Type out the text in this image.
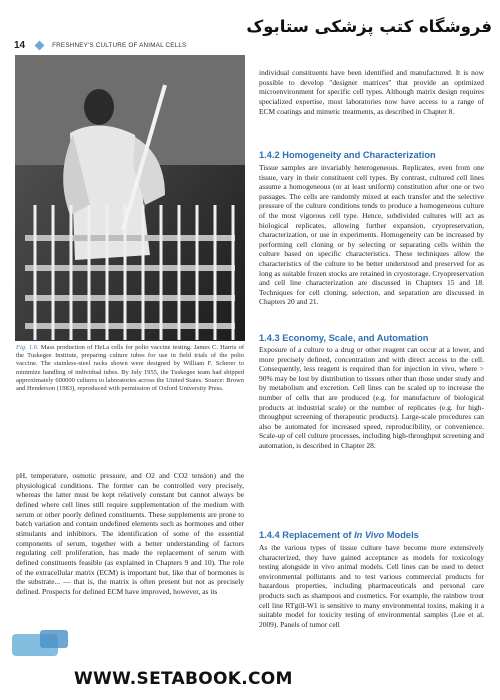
14	FRESHNEY'S CULTURE OF ANIMAL CELLS
فروشگاه کتب پزشکی ستابوک
Fig. 1.6. Mass production of HeLa cells for polio vaccine testing. James C. Harris of the Tuskegee Institute, preparing culture tubes for use in field trials of the polio vaccine. The stainless-steel racks shown were designed by William F. Scherer to minimize handling of individual tubes. By July 1955, the Tuskegee team had shipped approximately 600000 cultures to laboratories across the United States. Source: Brown and Henderson (1983), reproduced with permission of Oxford University Press.
pH, temperature, osmotic pressure, and O2 and CO2 tension) and the physiological conditions. The former can be controlled very precisely, whereas the latter must be kept relatively constant but cannot always be defined where cell lines still require supplementation of the medium with serum or other poorly defined constituents. These supplements are prone to batch variation and contain undefined elements such as hormones and other stimulants and inhibitors. The identification of some of the essential components of serum, together with a better understanding of factors regulating cell proliferation, has made the replacement of serum with defined constituents feasible (as explained in Chapters 9 and 10). The role of the extracellular matrix (ECM) is important but, like that of hormones is the substrate... — that is, the matrix is often present but not as precisely defined. Prospects for defined ECM have improved, however, as its
individual constituents have been identified and manufactured. It is now possible to develop "designer matrices" that provide an optimized microenvironment for specific cell types. Although matrix design requires specialized expertise, most laboratories now have access to a range of ECM coatings and mimetic treatments, as described in Chapter 8.
1.4.2 Homogeneity and Characterization
Tissue samples are invariably heterogeneous. Replicates, even from one tissue, vary in their constituent cell types. By contrast, cultured cell lines assume a homogeneous (or at least uniform) constitution after one or two passages. The cells are randomly mixed at each transfer and the selective pressure of the culture conditions tends to produce a homogeneous culture of the most vigorous cell type. Hence, subdivided cultures will act as biological replicates, allowing further expansion, cryopreservation, characterization, or use in experiments. Homogeneity can be increased by performing cell cloning or by selecting or separating cells within the culture based on specific characteristics. These techniques allow the characteristics of the culture to be better understood and preserved for as long as suitable frozen stocks are retained in cryostorage. Cryopreservation and cell line characterization are discussed in Chapters 15 and 18. Techniques for cell cloning, selection, and separation are discussed in Chapters 20 and 21.
1.4.3 Economy, Scale, and Automation
Exposure of a culture to a drug or other reagent can occur at a lower, and more precisely defined, concentration and with direct access to the cell. Consequently, less reagent is required than for injection in vivo, where > 90% may be lost by distribution to tissues other than those under study and by metabolism and excretion. Cell lines can be scaled up to increase the number of cells that are produced (e.g. for manufacture of biological products at industrial scale) or the number of replicates (e.g. for high-throughput screening of therapeutic products). Large-scale procedures can also be automated for increased speed, reproducibility, or convenience. Scale-up of cell culture processes, including high-throughput screening and automation, is described in Chapter 28.
1.4.4 Replacement of In Vivo Models
As the various types of tissue culture have become more extensively characterized, they have gained acceptance as models for toxicology testing alongside in vivo animal models. Cell lines can be used to detect environmental pollutants and to test various commercial products for hazardous properties, including pharmaceuticals and personal care products such as shampoos and cosmetics. For example, the rainbow trout cell line RTgill-W1 is sensitive to many environmental toxins, making it a suitable model for toxicity testing of environmental samples (Lee et al. 2009). Panels of tumor cell
WWW.SETABOOK.COM
